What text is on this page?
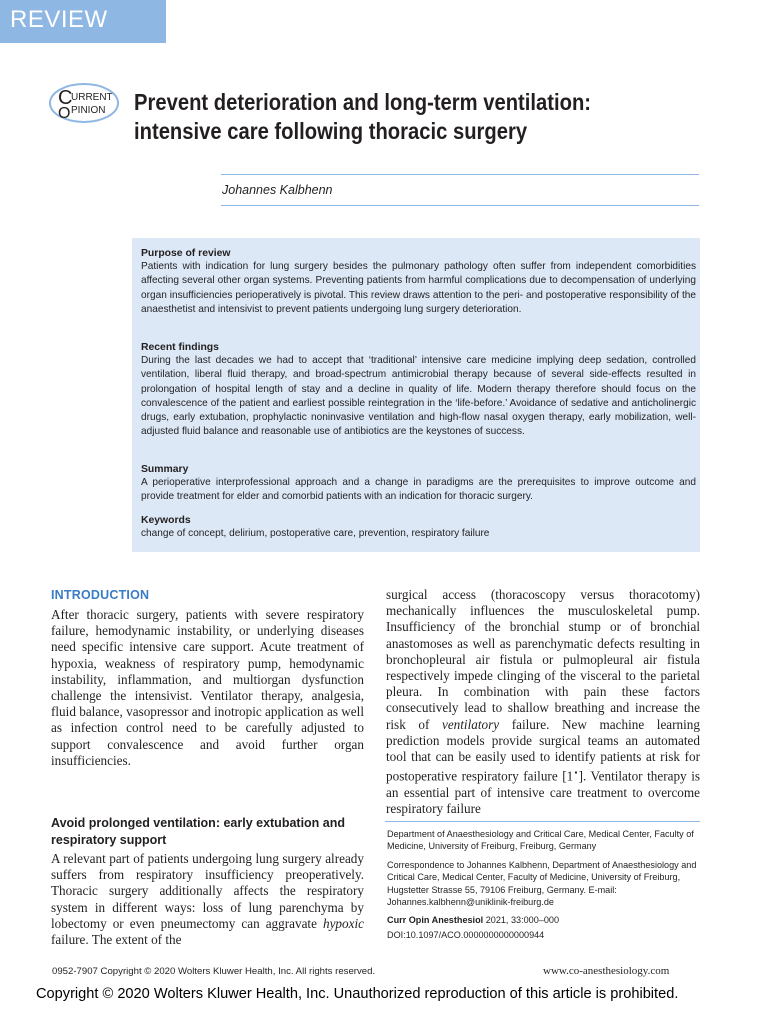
REVIEW
C
URRENT
O PINION Prevent deterioration and long-term ventilation:
intensive care following thoracic surgery
Johannes Kalbhenn
Purpose of review
Patients with indication for lung surgery besides the pulmonary pathology often suffer from independent comorbidities affecting several other organ systems. Preventing patients from harmful complications due to decompensation of underlying organ insufficiencies perioperatively is pivotal. This review draws attention to the peri- and postoperative responsibility of the anaesthetist and intensivist to prevent patients undergoing lung surgery deterioration.
Recent findings
During the last decades we had to accept that ‘traditional’ intensive care medicine implying deep sedation, controlled ventilation, liberal fluid therapy, and broad-spectrum antimicrobial therapy because of several side-effects resulted in prolongation of hospital length of stay and a decline in quality of life. Modern therapy therefore should focus on the convalescence of the patient and earliest possible reintegration in the ‘life-before.’ Avoidance of sedative and anticholinergic drugs, early extubation, prophylactic noninvasive ventilation and high-flow nasal oxygen therapy, early mobilization, well-adjusted fluid balance and reasonable use of antibiotics are the keystones of success.
Summary
A perioperative interprofessional approach and a change in paradigms are the prerequisites to improve outcome and provide treatment for elder and comorbid patients with an indication for thoracic surgery.
Keywords
change of concept, delirium, postoperative care, prevention, respiratory failure
INTRODUCTION
After thoracic surgery, patients with severe respiratory failure, hemodynamic instability, or underlying diseases need specific intensive care support. Acute treatment of hypoxia, weakness of respiratory pump, hemodynamic instability, inflammation, and multiorgan dysfunction challenge the intensivist. Ventilator therapy, analgesia, fluid balance, vasopressor and inotropic application as well as infection control need to be carefully adjusted to support convalescence and avoid further organ insufficiencies.
Avoid prolonged ventilation: early extubation and respiratory support
A relevant part of patients undergoing lung surgery already suffers from respiratory insufficiency preoperatively. Thoracic surgery additionally affects the respiratory system in different ways: loss of lung parenchyma by lobectomy or even pneumectomy can aggravate hypoxic failure. The extent of the
surgical access (thoracoscopy versus thoracotomy) mechanically influences the musculoskeletal pump. Insufficiency of the bronchial stump or of bronchial anastomoses as well as parenchymatic defects resulting in bronchopleural air fistula or pulmopleural air fistula respectively impede clinging of the visceral to the parietal pleura. In combination with pain these factors consecutively lead to shallow breathing and increase the risk of ventilatory failure. New machine learning prediction models provide surgical teams an automated tool that can be easily used to identify patients at risk for postoperative respiratory failure [1▪]. Ventilator therapy is an essential part of intensive care treatment to overcome respiratory failure
Department of Anaesthesiology and Critical Care, Medical Center, Faculty of Medicine, University of Freiburg, Freiburg, Germany
Correspondence to Johannes Kalbhenn, Department of Anaesthesiology and Critical Care, Medical Center, Faculty of Medicine, University of Freiburg, Hugstetter Strasse 55, 79106 Freiburg, Germany. E-mail: Johannes.kalbhenn@uniklinik-freiburg.de
Curr Opin Anesthesiol 2021, 33:000–000
DOI:10.1097/ACO.0000000000000944
0952-7907 Copyright © 2020 Wolters Kluwer Health, Inc. All rights reserved.	www.co-anesthesiology.com
Copyright © 2020 Wolters Kluwer Health, Inc. Unauthorized reproduction of this article is prohibited.
